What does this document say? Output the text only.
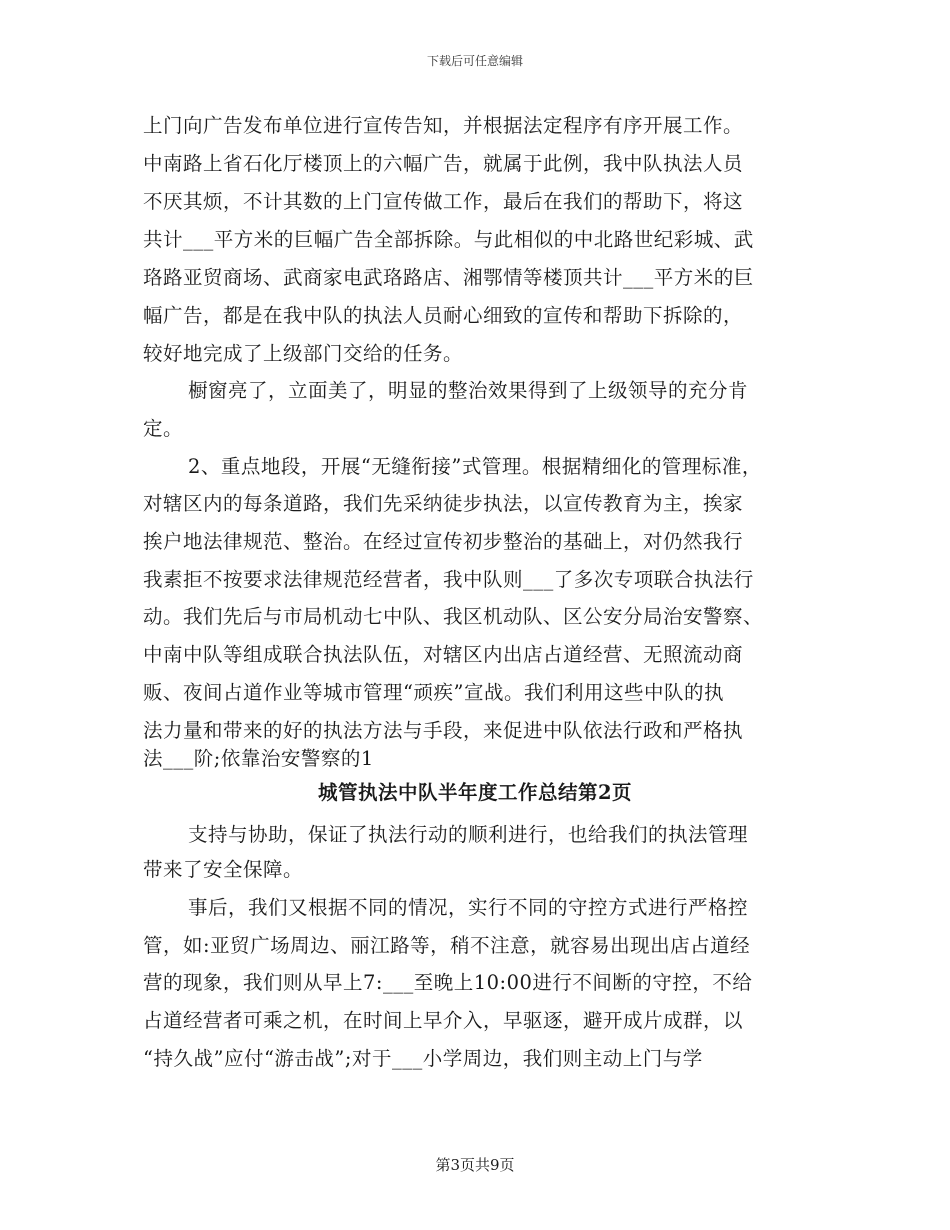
下载后可任意编辑
上门向广告发布单位进行宣传告知，并根据法定程序有序开展工作。
中南路上省石化厅楼顶上的六幅广告，就属于此例，我中队执法人员
不厌其烦，不计其数的上门宣传做工作，最后在我们的帮助下，将这
共计___平方米的巨幅广告全部拆除。与此相似的中北路世纪彩城、武
珞路亚贸商场、武商家电武珞路店、湘鄂情等楼顶共计___平方米的巨
幅广告，都是在我中队的执法人员耐心细致的宣传和帮助下拆除的，
较好地完成了上级部门交给的任务。
橱窗亮了，立面美了，明显的整治效果得到了上级领导的充分肯
定。
2、重点地段，开展“无缝衔接”式管理。根据精细化的管理标准，
对辖区内的每条道路，我们先采纳徒步执法，以宣传教育为主，挨家
挨户地法律规范、整治。在经过宣传初步整治的基础上，对仍然我行
我素拒不按要求法律规范经营者，我中队则___了多次专项联合执法行
动。我们先后与市局机动七中队、我区机动队、区公安分局治安警察、
中南中队等组成联合执法队伍，对辖区内出店占道经营、无照流动商
贩、夜间占道作业等城市管理“顽疾”宣战。我们利用这些中队的执
法力量和带来的好的执法方法与手段，来促进中队依法行政和严格执
法___阶;依靠治安警察的1
城管执法中队半年度工作总结第2页
支持与协助，保证了执法行动的顺利进行，也给我们的执法管理
带来了安全保障。
事后，我们又根据不同的情况，实行不同的守控方式进行严格控
管，如:亚贸广场周边、丽江路等，稍不注意，就容易出现出店占道经
营的现象，我们则从早上7:___至晚上10:00进行不间断的守控，不给
占道经营者可乘之机，在时间上早介入，早驱逐，避开成片成群，以
“持久战”应付“游击战”;对于___小学周边，我们则主动上门与学
第3页共9页
